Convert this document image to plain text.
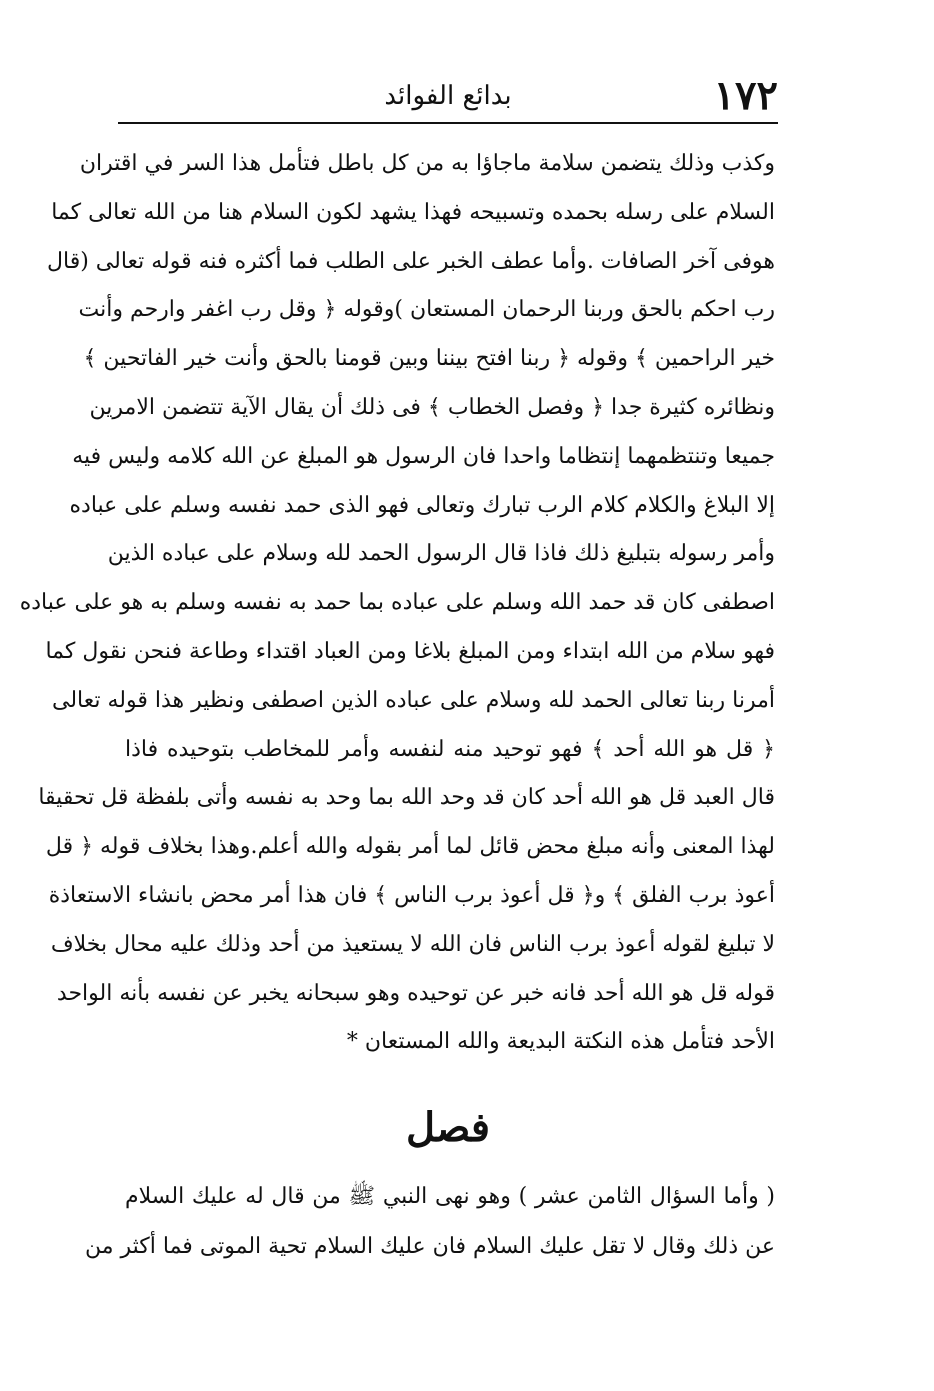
١٧٢
بدائع الفوائد
وكذب وذلك يتضمن سلامة ماجاؤا به من كل باطل فتأمل هذا السر في اقتران
السلام على رسله بحمده وتسبيحه فهذا يشهد لكون السلام هنا من الله تعالى كما
هوفى آخر الصافات .وأما عطف الخبر على الطلب فما أكثره فنه قوله تعالى (قال
رب احكم بالحق وربنا الرحمان المستعان )وقوله ﴿ وقل رب اغفر وارحم وأنت
خير الراحمين ﴾ وقوله ﴿ ربنا افتح بيننا وبين قومنا بالحق وأنت خير الفاتحين ﴾
ونظائره كثيرة جدا ﴿ وفصل الخطاب ﴾ فى ذلك أن يقال الآية تتضمن الامرين
جميعا وتنتظمهما إنتظاما واحدا فان الرسول هو المبلغ عن الله كلامه وليس فيه
إلا البلاغ والكلام كلام الرب تبارك وتعالى فهو الذى حمد نفسه وسلم على عباده
وأمر رسوله بتبليغ ذلك فاذا قال الرسول الحمد لله وسلام على عباده الذين
اصطفى كان قد حمد الله وسلم على عباده بما حمد به نفسه وسلم به هو على عباده
فهو سلام من الله ابتداء ومن المبلغ بلاغا ومن العباد اقتداء وطاعة فنحن نقول كما
أمرنا ربنا تعالى الحمد لله وسلام على عباده الذين اصطفى ونظير هذا قوله تعالى
﴿ قل هو الله أحد ﴾ فهو توحيد منه لنفسه وأمر للمخاطب بتوحيده فاذا
قال العبد قل هو الله أحد كان قد وحد الله بما وحد به نفسه وأتى بلفظة قل تحقيقا
لهذا المعنى وأنه مبلغ محض قائل لما أمر بقوله والله أعلم.وهذا بخلاف قوله ﴿ قل
أعوذ برب الفلق ﴾ و﴿ قل أعوذ برب الناس ﴾ فان هذا أمر محض بانشاء الاستعاذة
لا تبليغ لقوله أعوذ برب الناس فان الله لا يستعيذ من أحد وذلك عليه محال بخلاف
قوله قل هو الله أحد فانه خبر عن توحيده وهو سبحانه يخبر عن نفسه بأنه الواحد
الأحد فتأمل هذه النكتة البديعة والله المستعان *
فصل
( وأما السؤال الثامن عشر ) وهو نهى النبي ﷺ من قال له عليك السلام
عن ذلك وقال لا تقل عليك السلام فان عليك السلام تحية الموتى فما أكثر من
